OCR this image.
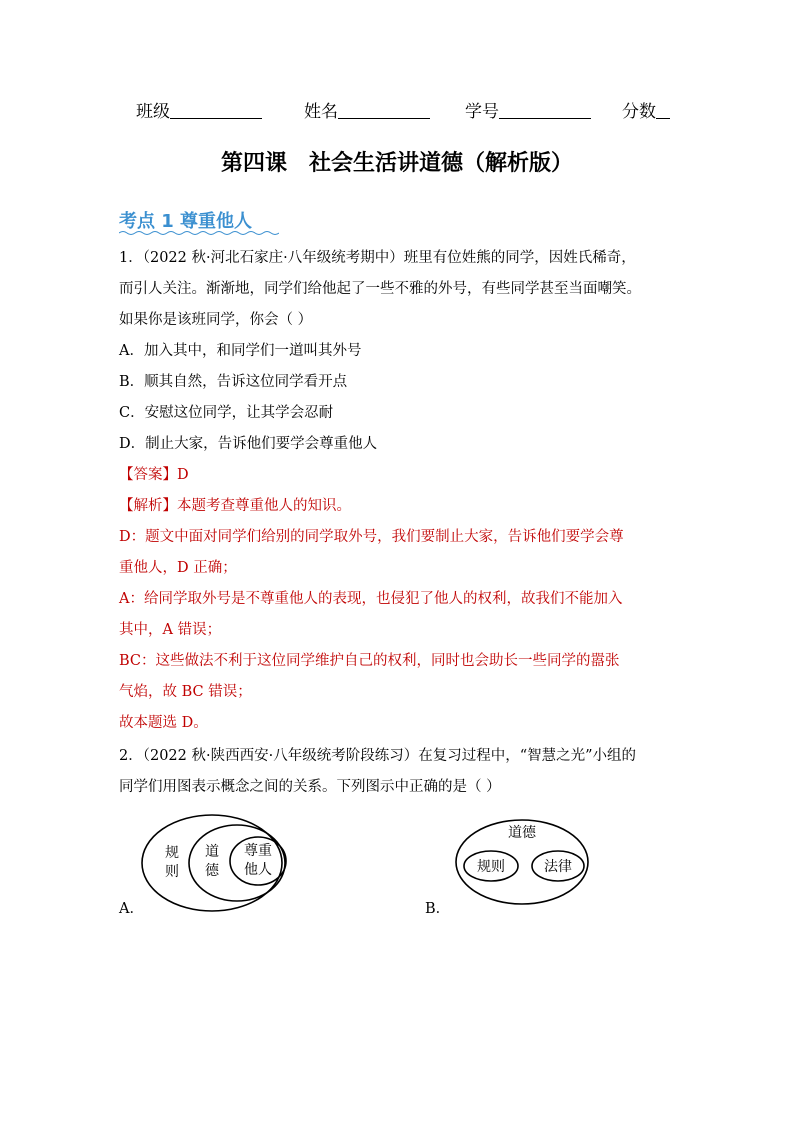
班级	姓名	学号	分数
第四课 社会生活讲道德（解析版）
考点 1 尊重他人
1．（2022 秋·河北石家庄·八年级统考期中）班里有位姓熊的同学，因姓氏稀奇，
而引人关注。渐渐地，同学们给他起了一些不雅的外号，有些同学甚至当面嘲笑。
如果你是该班同学，你会（ ）
A．加入其中，和同学们一道叫其外号
B．顺其自然，告诉这位同学看开点
C．安慰这位同学，让其学会忍耐
D．制止大家，告诉他们要学会尊重他人
【答案】D
【解析】本题考查尊重他人的知识。
D：题文中面对同学们给别的同学取外号，我们要制止大家，告诉他们要学会尊
重他人，D 正确；
A：给同学取外号是不尊重他人的表现，也侵犯了他人的权利，故我们不能加入
其中，A 错误；
BC：这些做法不利于这位同学维护自己的权利，同时也会助长一些同学的嚣张
气焰，故 BC 错误；
故本题选 D。
2．（2022 秋·陕西西安·八年级统考阶段练习）在复习过程中，“智慧之光”小组的
同学们用图表示概念之间的关系。下列图示中正确的是（ ）
规
则
道
德
尊重
他人
A．
道德
规则	法律
B．
